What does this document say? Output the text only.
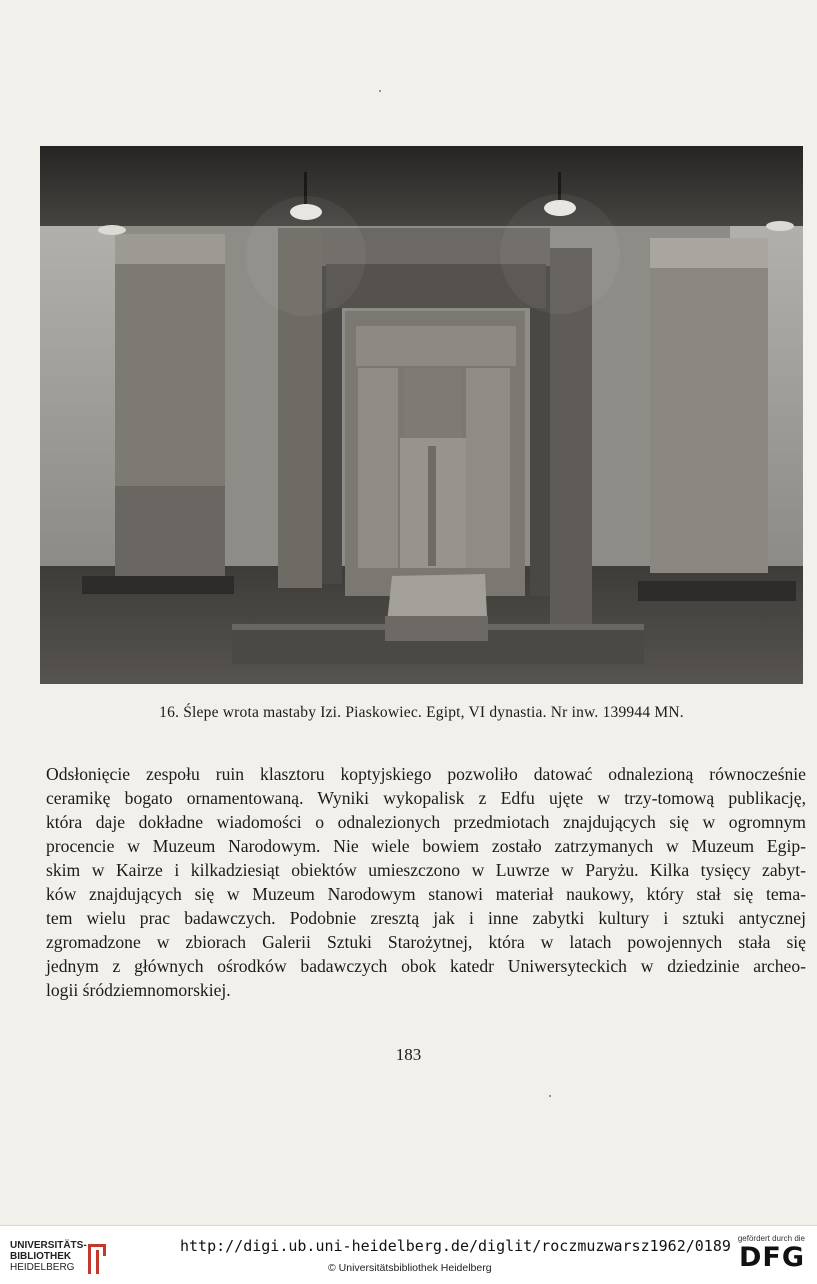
16. Ślepe wrota mastaby Izi. Piaskowiec. Egipt, VI dynastia. Nr inw. 139944 MN.
Odsłonięcie zespołu ruin klasztoru koptyjskiego pozwoliło datować odnalezioną równocześnie
ceramikę bogato ornamentowaną. Wyniki wykopalisk z Edfu ujęte w trzy-tomową publikację,
która daje dokładne wiadomości o odnalezionych przedmiotach znajdujących się w ogromnym
procencie w Muzeum Narodowym. Nie wiele bowiem zostało zatrzymanych w Muzeum Egip-
skim w Kairze i kilkadziesiąt obiektów umieszczono w Luwrze w Paryżu. Kilka tysięcy zabyt-
ków znajdujących się w Muzeum Narodowym stanowi materiał naukowy, który stał się tema-
tem wielu prac badawczych. Podobnie zresztą jak i inne zabytki kultury i sztuki antycznej
zgromadzone w zbiorach Galerii Sztuki Starożytnej, która w latach powojennych stała się
jednym z głównych ośrodków badawczych obok katedr Uniwersyteckich w dziedzinie archeo-
logii śródziemnomorskiej.
183
UNIVERSITÄTS-
BIBLIOTHEK
HEIDELBERG
http://digi.ub.uni-heidelberg.de/diglit/roczmuzwarsz1962/0189
© Universitätsbibliothek Heidelberg
gefördert durch die
DFG
